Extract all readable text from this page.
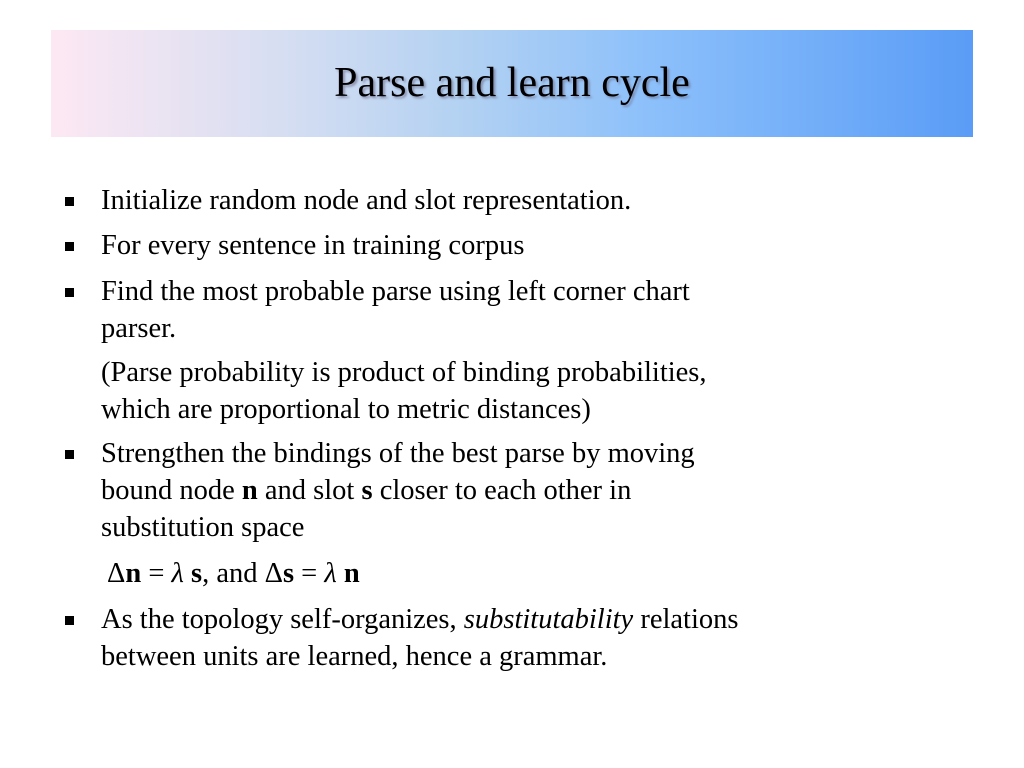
Parse and learn cycle
Initialize random node and slot representation.
For every sentence in training corpus
Find the most probable parse using left corner chart
parser.
(Parse probability is product of binding probabilities,
which are proportional to metric distances)
Strengthen the bindings of the best parse by moving
bound node n and slot s closer to each other in
substitution space
Δn = λ s, and Δs = λ n
As the topology self-organizes, substitutability relations
between units are learned, hence a grammar.
